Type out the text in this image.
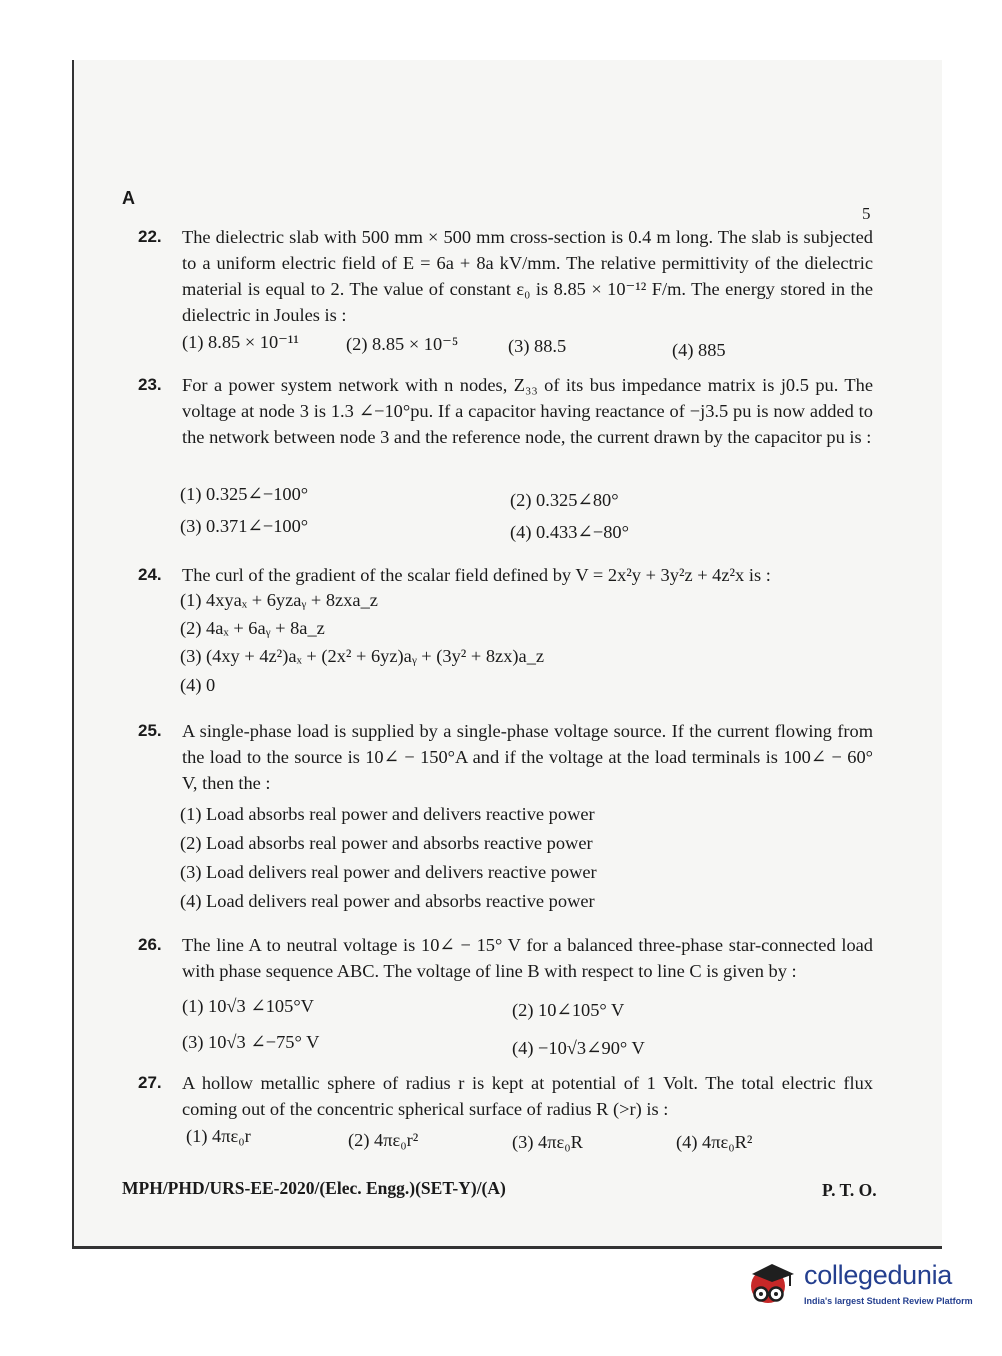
A
5
22. The dielectric slab with 500 mm × 500 mm cross-section is 0.4 m long. The slab is subjected to a uniform electric field of E = 6a + 8a kV/mm. The relative permittivity of the dielectric material is equal to 2. The value of constant ε₀ is 8.85 × 10⁻¹² F/m. The energy stored in the dielectric in Joules is :
(1) 8.85 × 10⁻¹¹	(2) 8.85 × 10⁻⁵	(3) 88.5	(4) 885
23. For a power system network with n nodes, Z₃₃ of its bus impedance matrix is j0.5 pu. The voltage at node 3 is 1.3 ∠−10°pu. If a capacitor having reactance of −j3.5 pu is now added to the network between node 3 and the reference node, the current drawn by the capacitor pu is :
(1) 0.325∠−100°	(2) 0.325∠80°
(3) 0.371∠−100°	(4) 0.433∠−80°
24. The curl of the gradient of the scalar field defined by V = 2x²y + 3y²z + 4z²x is :
(1) 4xyaₓ + 6yzaᵧ + 8zxa_z
(2) 4aₓ + 6aᵧ + 8a_z
(3) (4xy + 4z²)aₓ + (2x² + 6yz)aᵧ + (3y² + 8zx)a_z
(4) 0
25. A single-phase load is supplied by a single-phase voltage source. If the current flowing from the load to the source is 10∠ − 150°A and if the voltage at the load terminals is 100∠ − 60° V, then the :
(1) Load absorbs real power and delivers reactive power
(2) Load absorbs real power and absorbs reactive power
(3) Load delivers real power and delivers reactive power
(4) Load delivers real power and absorbs reactive power
26. The line A to neutral voltage is 10∠ − 15° V for a balanced three-phase star-connected load with phase sequence ABC. The voltage of line B with respect to line C is given by :
(1) 10√3 ∠105°V	(2) 10∠105° V
(3) 10√3 ∠−75° V	(4) −10√3∠90° V
27. A hollow metallic sphere of radius r is kept at potential of 1 Volt. The total electric flux coming out of the concentric spherical surface of radius R (>r) is :
(1) 4πε₀r	(2) 4πε₀r²	(3) 4πε₀R	(4) 4πε₀R²
MPH/PHD/URS-EE-2020/(Elec. Engg.)(SET-Y)/(A)	P. T. O.
collegedunia
India's largest Student Review Platform
